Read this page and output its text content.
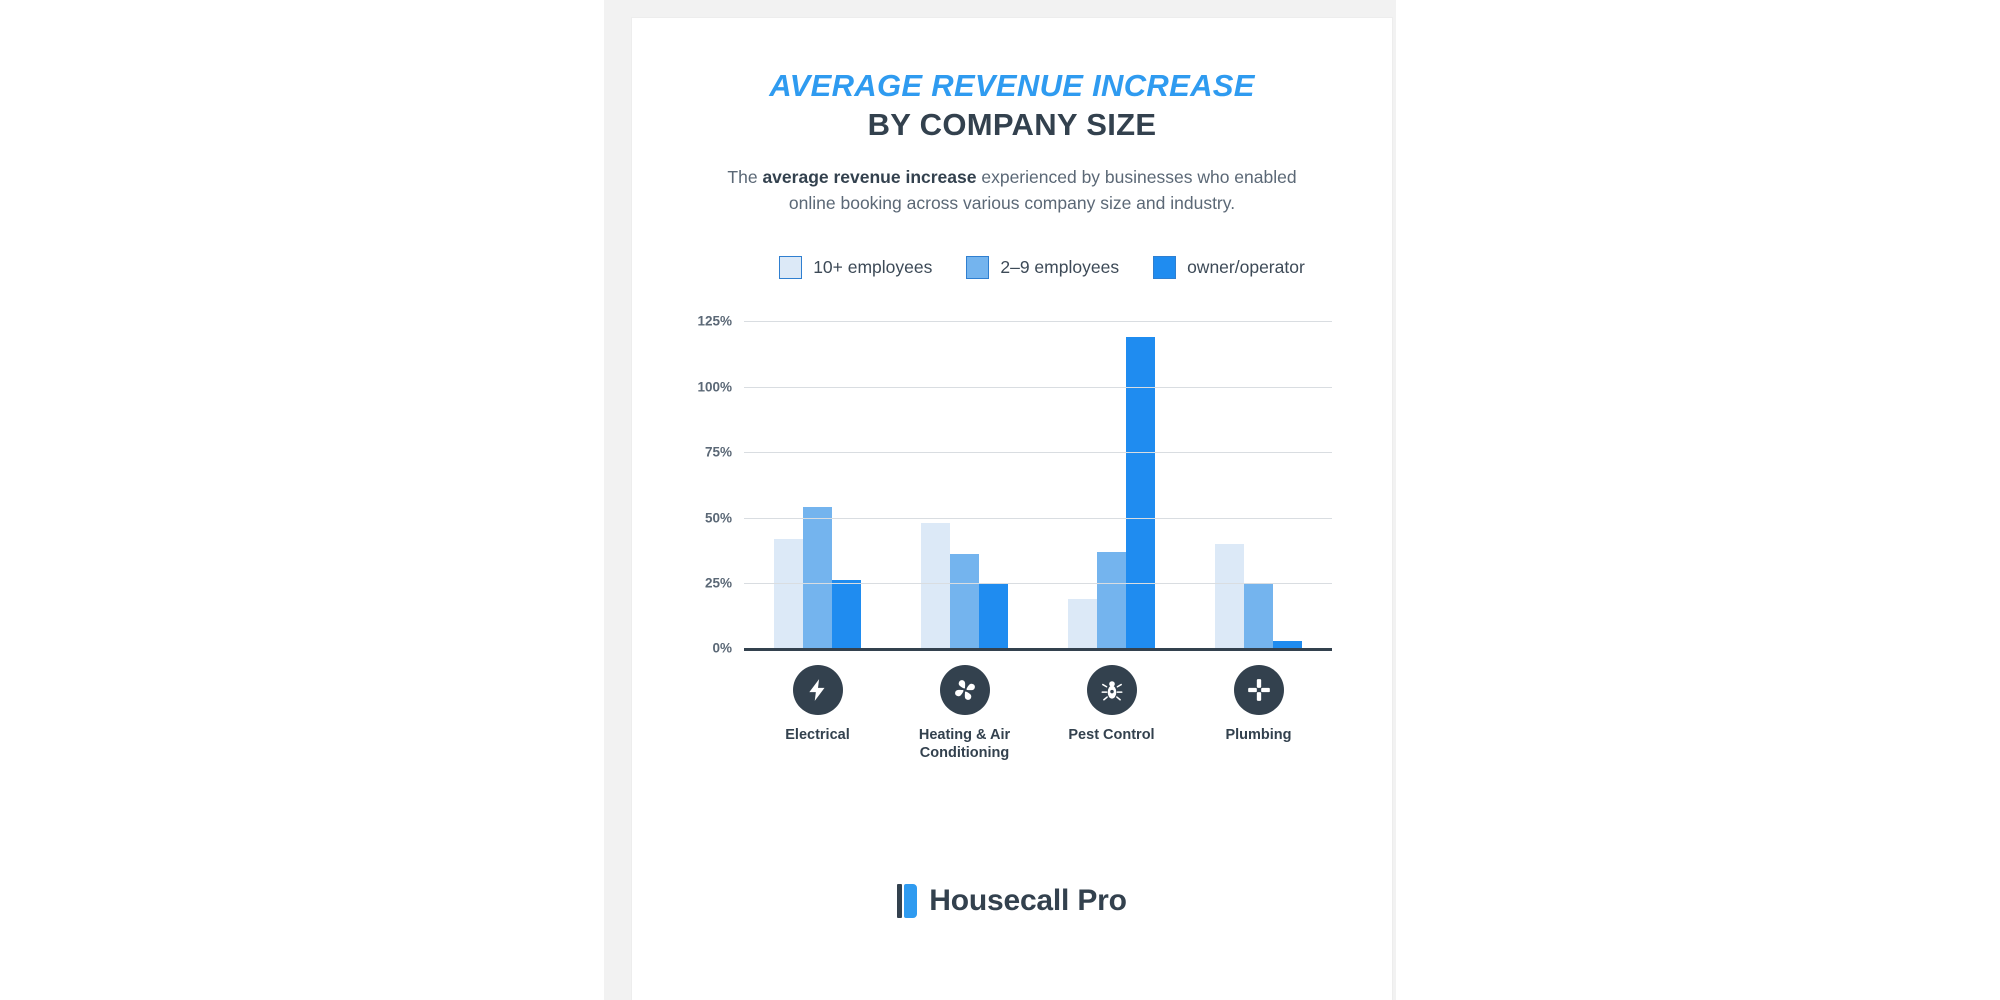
AVERAGE REVENUE INCREASE
BY COMPANY SIZE
The average revenue increase experienced by businesses who enabled online booking across various company size and industry.
10+ employees	2–9 employees	owner/operator
0%
25%
50%
75%
100%
125%
Electrical	Heating & Air Conditioning
Pest Control	Plumbing
Housecall Pro
